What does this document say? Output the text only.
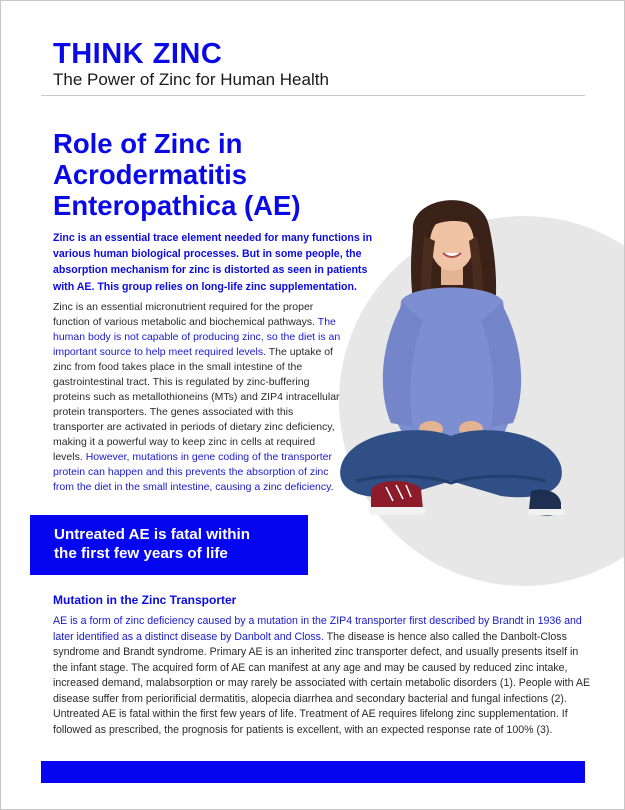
THINK ZINC

The Power of Zinc for Human Health

Role of Zinc in
Acrodermatitis
Enteropathica (AE)

Zinc is an essential trace element needed for many functions in various human biological processes. But in some people, the absorption mechanism for zinc is distorted as seen in patients with AE. This group relies on long-life zinc supplementation.

Zinc is an essential micronutrient required for the proper function of various metabolic and biochemical pathways. The human body is not capable of producing zinc, so the diet is an important source to help meet required levels. The uptake of zinc from food takes place in the small intestine of the gastrointestinal tract. This is regulated by zinc-buffering proteins such as metallothioneins (MTs) and ZIP4 intracellular protein transporters. The genes associated with this transporter are activated in periods of dietary zinc deficiency, making it a powerful way to keep zinc in cells at required levels. However, mutations in gene coding of the transporter protein can happen and this prevents the absorption of zinc from the diet in the small intestine, causing a zinc deficiency.

Untreated AE is fatal within
the first few years of life

Mutation in the Zinc Transporter

AE is a form of zinc deficiency caused by a mutation in the ZIP4 transporter first described by Brandt in 1936 and later identified as a distinct disease by Danbolt and Closs. The disease is hence also called the Danbolt-Closs syndrome and Brandt syndrome. Primary AE is an inherited zinc transporter defect, and usually presents itself in the infant stage. The acquired form of AE can manifest at any age and may be caused by reduced zinc intake, increased demand, malabsorption or may rarely be associated with certain metabolic disorders (1). People with AE disease suffer from periorificial dermatitis, alopecia diarrhea and secondary bacterial and fungal infections (2). Untreated AE is fatal within the first few years of life. Treatment of AE requires lifelong zinc supplementation. If followed as prescribed, the prognosis for patients is excellent, with an expected response rate of 100% (3).
